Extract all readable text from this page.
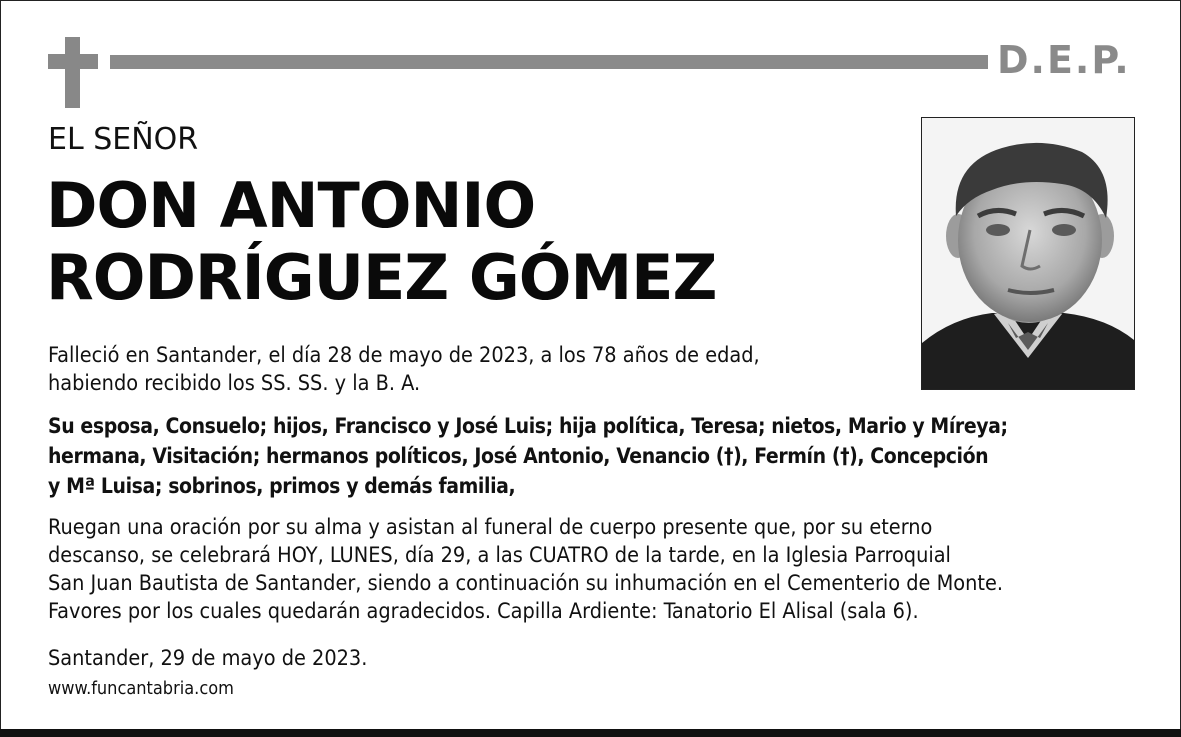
D.E.P.
EL SEÑOR
DON ANTONIO
RODRÍGUEZ GÓMEZ
Falleció en Santander, el día 28 de mayo de 2023, a los 78 años de edad,
habiendo recibido los SS. SS. y la B. A.
Su esposa, Consuelo; hijos, Francisco y José Luis; hija política, Teresa; nietos, Mario y Míreya;
hermana, Visitación; hermanos políticos, José Antonio, Venancio (†), Fermín (†), Concepción
y Mª Luisa; sobrinos, primos y demás familia,
Ruegan una oración por su alma y asistan al funeral de cuerpo presente que, por su eterno
descanso, se celebrará HOY, LUNES, día 29, a las CUATRO de la tarde, en la Iglesia Parroquial
San Juan Bautista de Santander, siendo a continuación su inhumación en el Cementerio de Monte.
Favores por los cuales quedarán agradecidos. Capilla Ardiente: Tanatorio El Alisal (sala 6).
Santander, 29 de mayo de 2023.
www.funcantabria.com
